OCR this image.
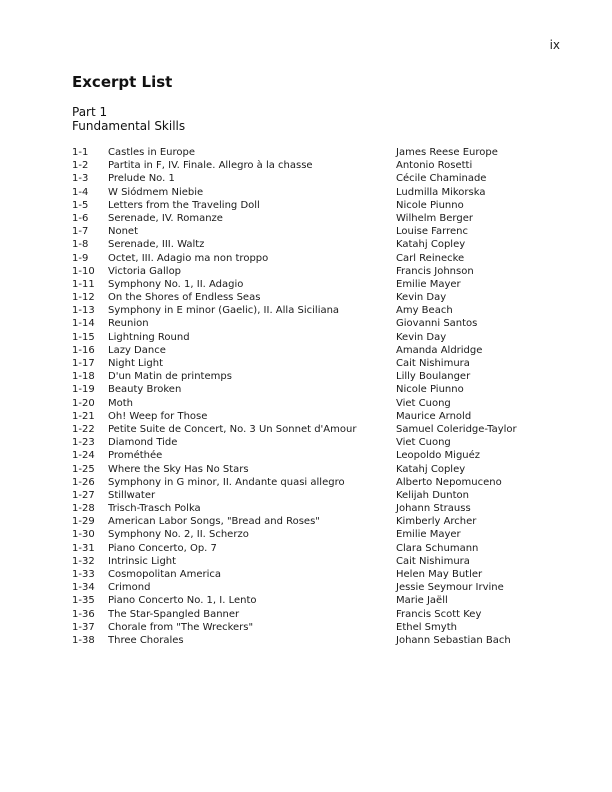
ix
Excerpt List
Part 1
Fundamental Skills
1-1	Castles in Europe	James Reese Europe
1-2	Partita in F, IV. Finale. Allegro à la chasse	Antonio Rosetti
1-3	Prelude No. 1	Cécile Chaminade
1-4	W Siódmem Niebie	Ludmilla Mikorska
1-5	Letters from the Traveling Doll	Nicole Piunno
1-6	Serenade, IV. Romanze	Wilhelm Berger
1-7	Nonet	Louise Farrenc
1-8	Serenade, III. Waltz	Katahj Copley
1-9	Octet, III. Adagio ma non troppo	Carl Reinecke
1-10	Victoria Gallop	Francis Johnson
1-11	Symphony No. 1, II. Adagio	Emilie Mayer
1-12	On the Shores of Endless Seas	Kevin Day
1-13	Symphony in E minor (Gaelic), II. Alla Siciliana	Amy Beach
1-14	Reunion	Giovanni Santos
1-15	Lightning Round	Kevin Day
1-16	Lazy Dance	Amanda Aldridge
1-17	Night Light	Cait Nishimura
1-18	D'un Matin de printemps	Lilly Boulanger
1-19	Beauty Broken	Nicole Piunno
1-20	Moth	Viet Cuong
1-21	Oh! Weep for Those	Maurice Arnold
1-22	Petite Suite de Concert, No. 3 Un Sonnet d'Amour	Samuel Coleridge-Taylor
1-23	Diamond Tide	Viet Cuong
1-24	Prométhée	Leopoldo Miguéz
1-25	Where the Sky Has No Stars	Katahj Copley
1-26	Symphony in G minor, II. Andante quasi allegro	Alberto Nepomuceno
1-27	Stillwater	Kelijah Dunton
1-28	Trisch-Trasch Polka	Johann Strauss
1-29	American Labor Songs, "Bread and Roses"	Kimberly Archer
1-30	Symphony No. 2, II. Scherzo	Emilie Mayer
1-31	Piano Concerto, Op. 7	Clara Schumann
1-32	Intrinsic Light	Cait Nishimura
1-33	Cosmopolitan America	Helen May Butler
1-34	Crimond	Jessie Seymour Irvine
1-35	Piano Concerto No. 1, I. Lento	Marie Jaëll
1-36	The Star-Spangled Banner	Francis Scott Key
1-37	Chorale from "The Wreckers"	Ethel Smyth
1-38	Three Chorales	Johann Sebastian Bach
